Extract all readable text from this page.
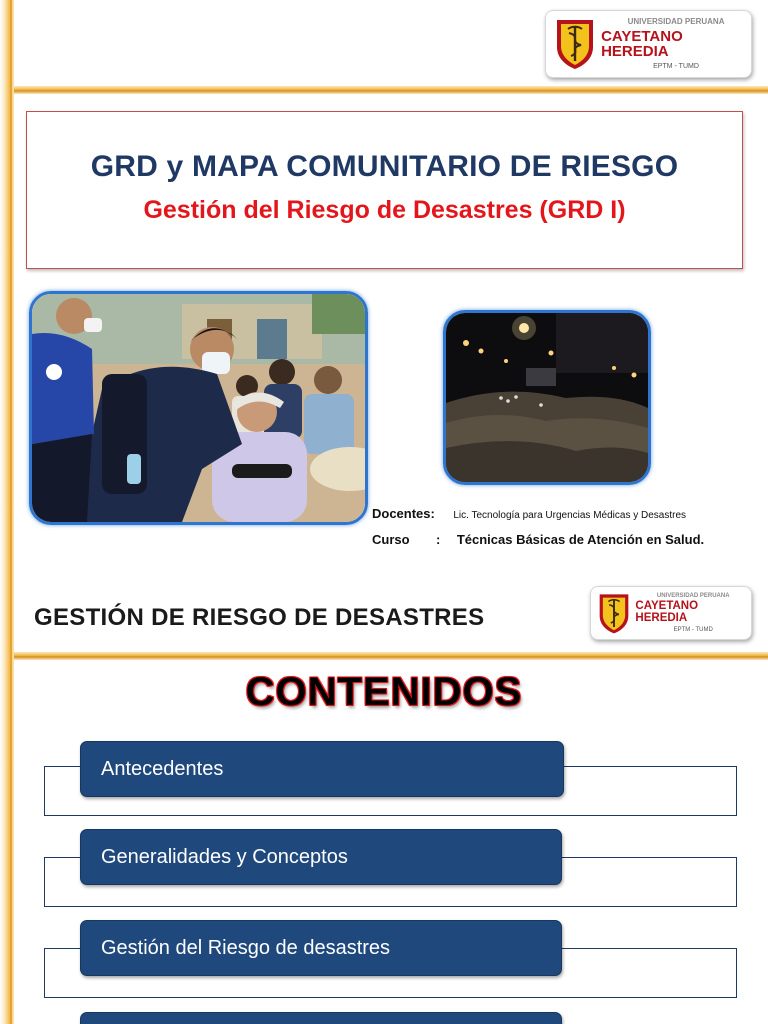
UNIVERSIDAD PERUANA
CAYETANO HEREDIA
EPTM - TUMD
GRD y MAPA COMUNITARIO DE RIESGO
Gestión del Riesgo de Desastres (GRD I)
Docentes: Lic. Tecnología para Urgencias Médicas y Desastres
Curso : Técnicas Básicas de Atención en Salud.
GESTIÓN DE RIESGO DE DESASTRES
UNIVERSIDAD PERUANA
CAYETANO HEREDIA
EPTM - TUMD
CONTENIDOS
Antecedentes
Generalidades y Conceptos
Gestión del Riesgo de desastres
